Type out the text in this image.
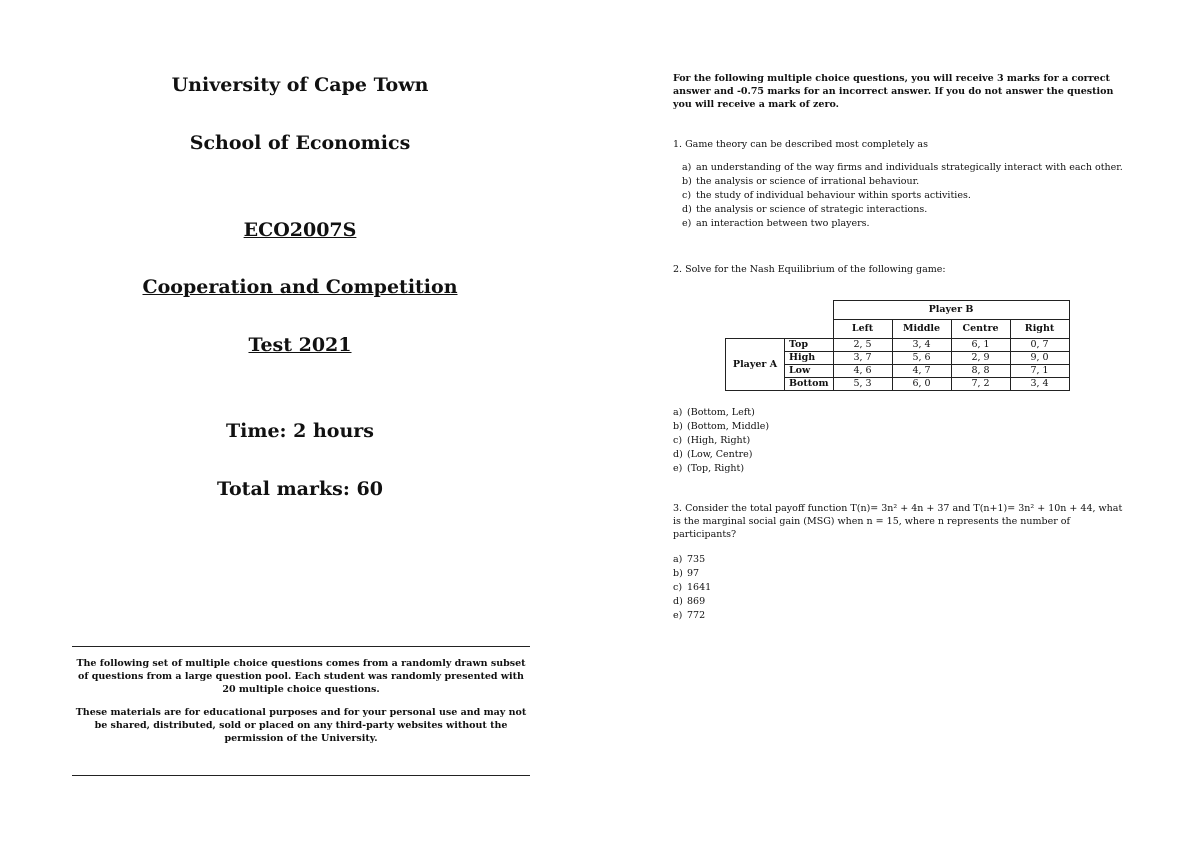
University of Cape Town

School of Economics

ECO2007S

Cooperation and Competition

Test 2021

Time: 2 hours

Total marks: 60

The following set of multiple choice questions comes from a randomly drawn subset of questions from a large question pool. Each student was randomly presented with 20 multiple choice questions.

These materials are for educational purposes and for your personal use and may not be shared, distributed, sold or placed on any third-party websites without the permission of the University.

For the following multiple choice questions, you will receive 3 marks for a correct answer and -0.75 marks for an incorrect answer. If you do not answer the question you will receive a mark of zero.

1. Game theory can be described most completely as

a) an understanding of the way firms and individuals strategically interact with each other.
b) the analysis or science of irrational behaviour.
c) the study of individual behaviour within sports activities.
d) the analysis or science of strategic interactions.
e) an interaction between two players.

2. Solve for the Nash Equilibrium of the following game:

		Player B			
		Left	Middle	Centre	Right
Player A	Top	2, 5	3, 4	6, 1	0, 7
	High	3, 7	5, 6	2, 9	9, 0
	Low	4, 6	4, 7	8, 8	7, 1
	Bottom	5, 3	6, 0	7, 2	3, 4
a) (Bottom, Left)
b) (Bottom, Middle)
c) (High, Right)
d) (Low, Centre)
e) (Top, Right)

3. Consider the total payoff function T(n)= 3n² + 4n + 37 and T(n+1)= 3n² + 10n + 44, what is the marginal social gain (MSG) when n = 15, where n represents the number of participants?

a) 735
b) 97
c) 1641
d) 869
e) 772
